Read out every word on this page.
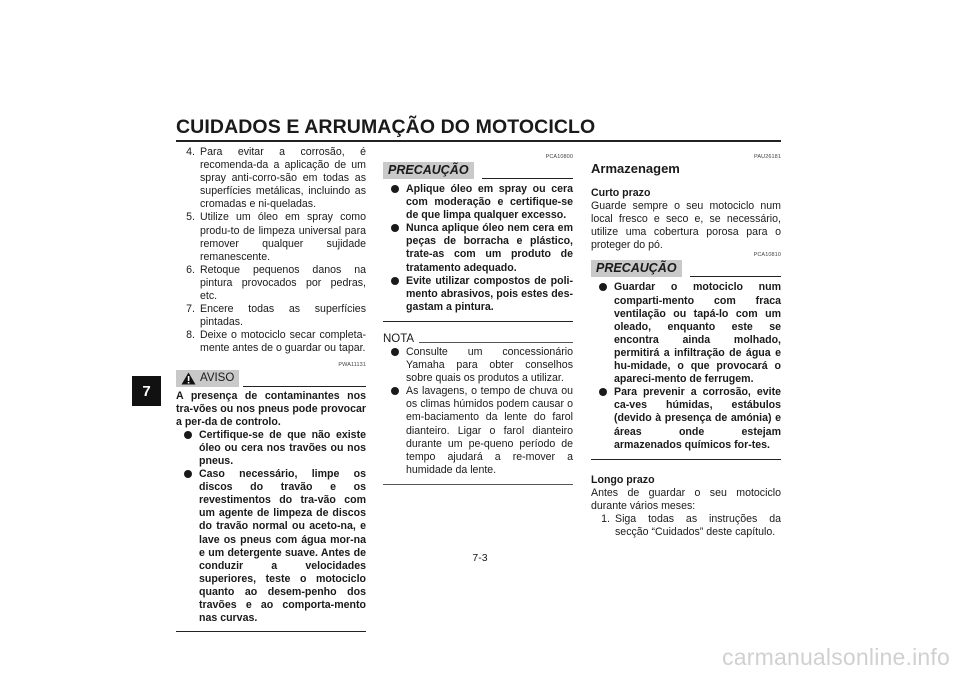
CUIDADOS E ARRUMAÇÃO DO MOTOCICLO
7
4. Para evitar a corrosão, é recomenda-da a aplicação de um spray anti-corro-são em todas as superfícies metálicas, incluindo as cromadas e ni-queladas.
5. Utilize um óleo em spray como produ-to de limpeza universal para remover qualquer sujidade remanescente.
6. Retoque pequenos danos na pintura provocados por pedras, etc.
7. Encere todas as superfícies pintadas.
8. Deixe o motociclo secar completa-mente antes de o guardar ou tapar.
PWA11131
AVISO
A presença de contaminantes nos tra-vões ou nos pneus pode provocar a per-da de controlo.
Certifique-se de que não existe óleo ou cera nos travões ou nos pneus.
Caso necessário, limpe os discos do travão e os revestimentos do tra-vão com um agente de limpeza de discos do travão normal ou aceto-na, e lave os pneus com água mor-na e um detergente suave. Antes de conduzir a velocidades superiores, teste o motociclo quanto ao desem-penho dos travões e ao comporta-mento nas curvas.
PCA10800
PRECAUÇÃO
Aplique óleo em spray ou cera com moderação e certifique-se de que limpa qualquer excesso.
Nunca aplique óleo nem cera em peças de borracha e plástico, trate-as com um produto de tratamento adequado.
Evite utilizar compostos de poli-mento abrasivos, pois estes des-gastam a pintura.
NOTA
Consulte um concessionário Yamaha para obter conselhos sobre quais os produtos a utilizar.
As lavagens, o tempo de chuva ou os climas húmidos podem causar o em-baciamento da lente do farol dianteiro. Ligar o farol dianteiro durante um pe-queno período de tempo ajudará a re-mover a humidade da lente.
PAU26181
Armazenagem
Curto prazo
Guarde sempre o seu motociclo num local fresco e seco e, se necessário, utilize uma cobertura porosa para o proteger do pó.
PCA10810
PRECAUÇÃO
Guardar o motociclo num comparti-mento com fraca ventilação ou tapá-lo com um oleado, enquanto este se encontra ainda molhado, permitirá a infiltração de água e hu-midade, o que provocará o apareci-mento de ferrugem.
Para prevenir a corrosão, evite ca-ves húmidas, estábulos (devido à presença de amónia) e áreas onde estejam armazenados químicos for-tes.
Longo prazo
Antes de guardar o seu motociclo durante vários meses:
1. Siga todas as instruções da secção “Cuidados” deste capítulo.
7-3
carmanualsonline.info
